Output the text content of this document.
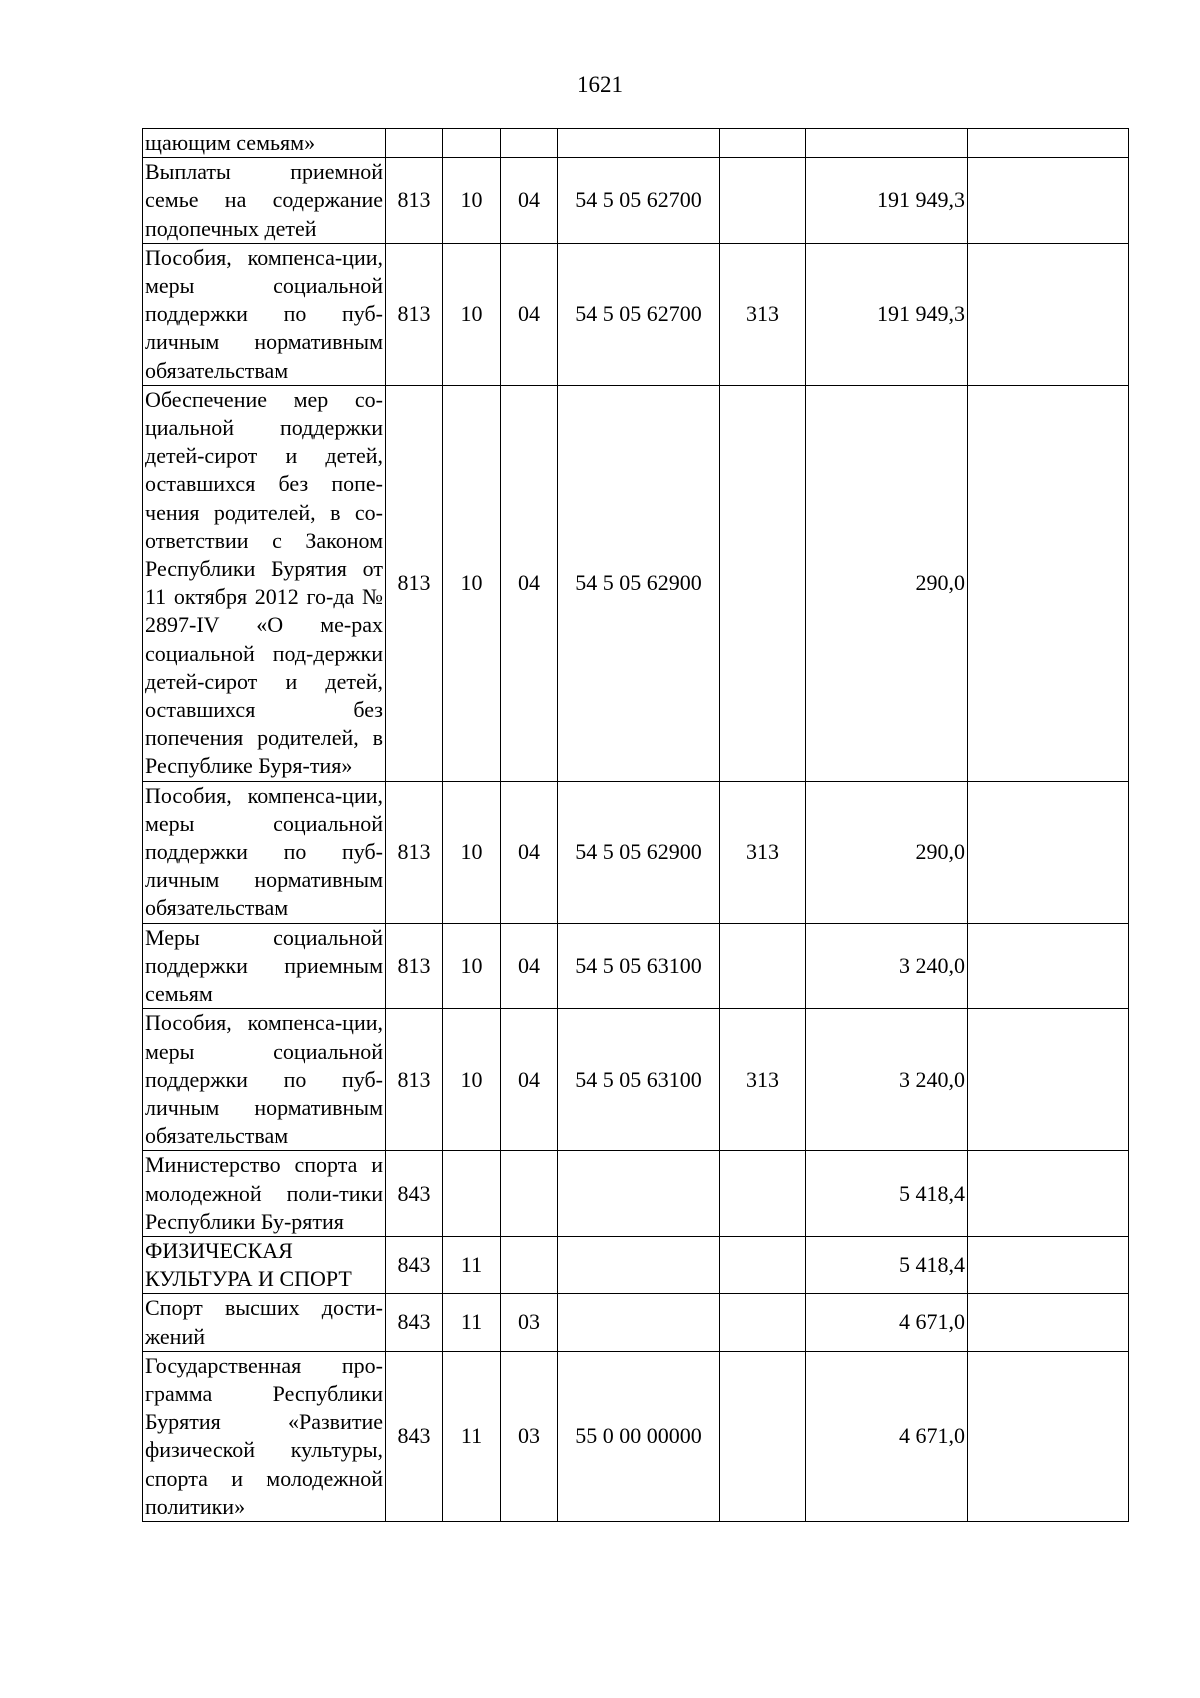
1621
щающим семьям»							
Выплаты приемной семье на содержание подопечных детей	813	10	04	54 5 05 62700		191 949,3	
Пособия, компенса-ции, меры социальной поддержки по пуб-личным нормативным обязательствам	813	10	04	54 5 05 62700	313	191 949,3	
Обеспечение мер со-циальной поддержки детей-сирот и детей, оставшихся без попе-чения родителей, в со-ответствии с Законом Республики Бурятия от 11 октября 2012 го-да № 2897-IV «О ме-рах социальной под-держки детей-сирот и детей, оставшихся без попечения родителей, в Республике Буря-тия»	813	10	04	54 5 05 62900		290,0	
Пособия, компенса-ции, меры социальной поддержки по пуб-личным нормативным обязательствам	813	10	04	54 5 05 62900	313	290,0	
Меры социальной поддержки приемным семьям	813	10	04	54 5 05 63100		3 240,0	
Пособия, компенса-ции, меры социальной поддержки по пуб-личным нормативным обязательствам	813	10	04	54 5 05 63100	313	3 240,0	
Министерство спорта и молодежной поли-тики Республики Бу-рятия	843					5 418,4	
ФИЗИЧЕСКАЯ КУЛЬТУРА И СПОРТ	843	11				5 418,4	
Спорт высших дости-жений	843	11	03			4 671,0	
Государственная про-грамма Республики Бурятия «Развитие физической культуры, спорта и молодежной политики»	843	11	03	55 0 00 00000		4 671,0	
